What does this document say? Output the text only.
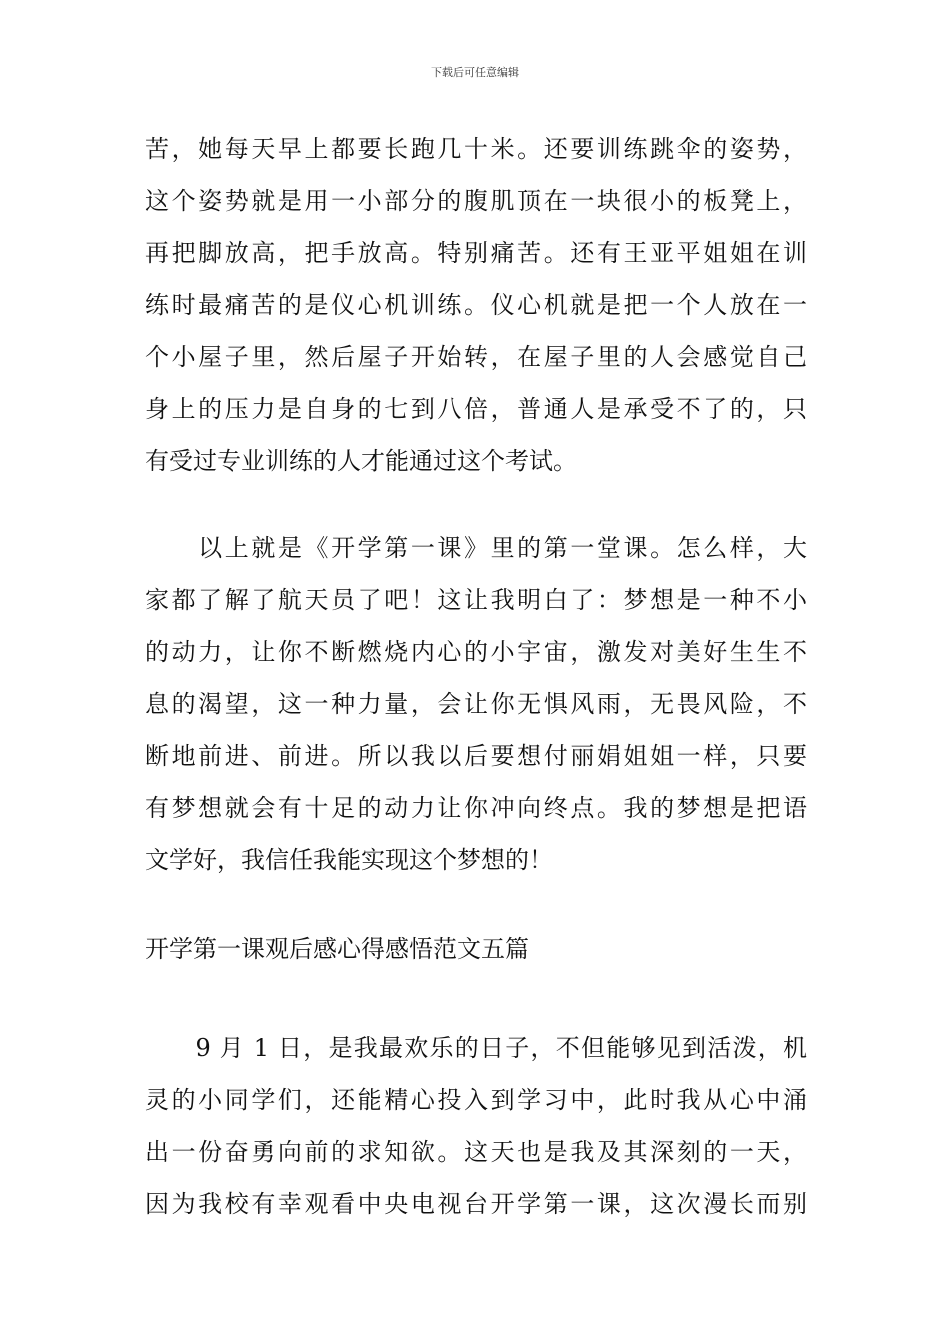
下载后可任意编辑
苦，她每天早上都要长跑几十米。还要训练跳伞的姿势，
这个姿势就是用一小部分的腹肌顶在一块很小的板凳上，
再把脚放高，把手放高。特别痛苦。还有王亚平姐姐在训
练时最痛苦的是仪心机训练。仪心机就是把一个人放在一
个小屋子里，然后屋子开始转，在屋子里的人会感觉自己
身上的压力是自身的七到八倍，普通人是承受不了的，只
有受过专业训练的人才能通过这个考试。
　　以上就是《开学第一课》里的第一堂课。怎么样，大
家都了解了航天员了吧！这让我明白了：梦想是一种不小
的动力，让你不断燃烧内心的小宇宙，激发对美好生生不
息的渴望，这一种力量，会让你无惧风雨，无畏风险，不
断地前进、前进。所以我以后要想付丽娟姐姐一样，只要
有梦想就会有十足的动力让你冲向终点。我的梦想是把语
文学好，我信任我能实现这个梦想的！
开学第一课观后感心得感悟范文五篇
　　9 月 1 日，是我最欢乐的日子，不但能够见到活泼，机
灵的小同学们，还能精心投入到学习中，此时我从心中涌
出一份奋勇向前的求知欲。这天也是我及其深刻的一天，
因为我校有幸观看中央电视台开学第一课，这次漫长而别
